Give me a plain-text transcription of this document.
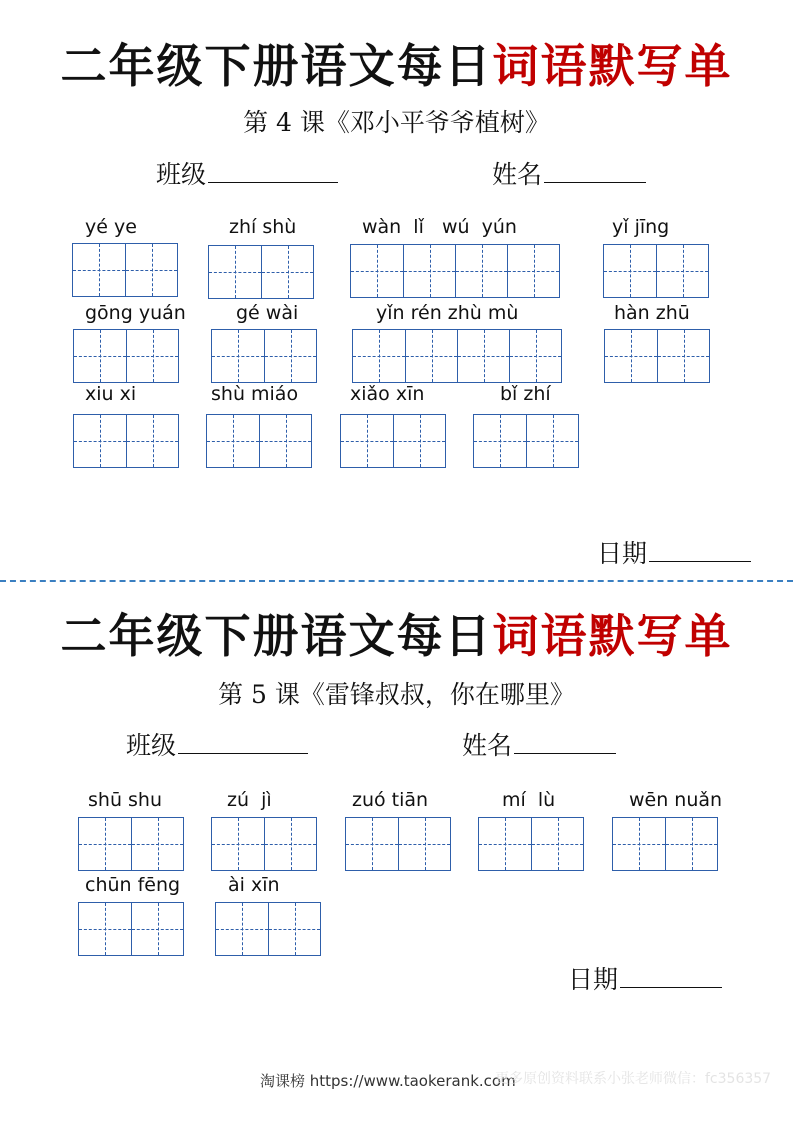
二年级下册语文每日词语默写单
第 4 课《邓小平爷爷植树》
班级	姓名
yé ye	zhí shù	wàn  lǐ   wú  yún	yǐ jīng
gōng yuán	gé wài	yǐn rén zhù mù	hàn zhū
xiu xi	shù miáo	xiǎo xīn	bǐ zhí
日期
二年级下册语文每日词语默写单
第 5 课《雷锋叔叔，你在哪里》
班级	姓名
shū shu	zú  jì	zuó tiān	mí  lù	wēn nuǎn
chūn fēng	ài xīn
日期
淘课榜 https://www.taokerank.com
更多原创资料联系小张老师微信：fc356357
